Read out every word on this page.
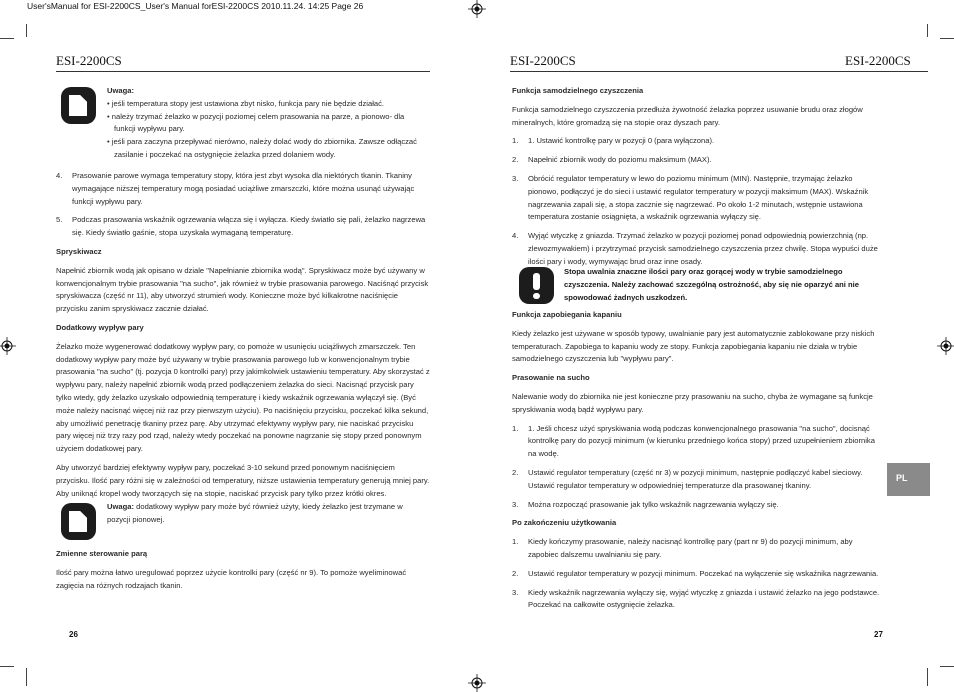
User'sManual for ESI-2200CS_User's Manual forESI-2200CS 2010.11.24. 14:25 Page 26
ESI-2200CS
Uwaga:
• jeśli temperatura stopy jest ustawiona zbyt nisko, funkcja pary nie będzie działać.
• należy trzymać żelazko w pozycji poziomej celem prasowania na parze, a pionowo- dla funkcji wypływu pary.
• jeśli para zaczyna przepływać nierówno, należy dolać wody do zbiornika. Zawsze odłączać zasilanie i poczekać na ostygnięcie żelazka przed dolaniem wody.
4.	Prasowanie parowe wymaga temperatury stopy, która jest zbyt wysoka dla niektórych tkanin. Tkaniny wymagające niższej temperatury mogą posiadać uciążliwe zmarszczki, które można usunąć używając funkcji wypływu pary.
5.	Podczas prasowania wskaźnik ogrzewania włącza się i wyłącza. Kiedy światło się pali, żelazko nagrzewa się. Kiedy światło gaśnie, stopa uzyskała wymaganą temperaturę.
Spryskiwacz

Napełnić zbiornik wodą jak opisano w dziale "Napełnianie zbiornika wodą". Spryskiwacz może być używany w konwencjonalnym trybie prasowania "na sucho", jak również w trybie prasowania parowego. Naciśnąć przycisk spryskiwacza (część nr 11), aby utworzyć strumień wody. Konieczne może być kilkakrotne naciśnięcie przycisku zanim spryskiwacz zacznie działać.

Dodatkowy wypływ pary

Żelazko może wygenerować dodatkowy wypływ pary, co pomoże w usunięciu uciążliwych zmarszczek. Ten dodatkowy wypływ pary może być używany w trybie prasowania parowego lub w konwencjonalnym trybie prasowania "na sucho" (tj. pozycja 0 kontrolki pary) przy jakimkolwiek ustawieniu temperatury. Aby skorzystać z wypływu pary, należy napełnić zbiornik wodą przed podłączeniem żelazka do sieci. Nacisnąć przycisk pary tylko wtedy, gdy żelazko uzyskało odpowiednią temperaturę i kiedy wskaźnik ogrzewania wyłączył się. (Być może należy nacisnąć więcej niż raz przy pierwszym użyciu). Po naciśnięciu przycisku, poczekać kilka sekund, aby umożliwić penetrację tkaniny przez parę. Aby utrzymać efektywny wypływ pary, nie naciskać przycisku pary więcej niż trzy razy pod rząd, należy wtedy poczekać na ponowne nagrzanie się stopy przed ponownym użyciem dodatkowej pary.

Aby utworzyć bardziej efektywny wypływ pary, poczekać 3-10 sekund przed ponownym naciśnięciem przycisku. Ilość pary różni się w zależności od temperatury, niższe ustawienia temperatury generują mniej pary. Aby uniknąć kropel wody tworzących się na stopie, naciskać przycisk pary tylko przez krótki okres.

Uwaga: dodatkowy wypływ pary może być również użyty, kiedy żelazko jest trzymane w pozycji pionowej.
Zmienne sterowanie parą

Ilość pary można łatwo uregulować poprzez użycie kontrolki pary (część nr 9). To pomoże wyeliminować zagięcia na różnych rodzajach tkanin.

26
ESI-2200CS	ESI-2200CS
Funkcja samodzielnego czyszczenia

Funkcja samodzielnego czyszczenia przedłuża żywotność żelazka poprzez usuwanie brudu oraz złogów mineralnych, które gromadzą się na stopie oraz dyszach pary.

1.	1. Ustawić kontrolkę pary w pozycji 0 (para wyłączona).
2.	Napełnić zbiornik wody do poziomu maksimum (MAX).
3.	Obrócić regulator temperatury w lewo do poziomu minimum (MIN). Następnie, trzymając żelazko pionowo, podłączyć je do sieci i ustawić regulator temperatury w pozycji maksimum (MAX). Wskaźnik nagrzewania zapali się, a stopa zacznie się nagrzewać. Po około 1-2 minutach, wstępnie ustawiona temperatura zostanie osiągnięta, a wskaźnik ogrzewania wyłączy się.
4.	Wyjąć wtyczkę z gniazda. Trzymać żelazko w pozycji poziomej ponad odpowiednią powierzchnią (np. zlewozmywakiem) i przytrzymać przycisk samodzielnego czyszczenia przez chwilę. Stopa wypuści duże ilości pary i wody, wymywając brud oraz inne osady.
Stopa uwalnia znaczne ilości pary oraz gorącej wody w trybie samodzielnego czyszczenia. Należy zachować szczególną ostrożność, aby się nie oparzyć ani nie spowodować żadnych uszkodzeń.
Funkcja zapobiegania kapaniu

Kiedy żelazko jest używane w sposób typowy, uwalnianie pary jest automatycznie zablokowane przy niskich temperaturach. Zapobiega to kapaniu wody ze stopy. Funkcja zapobiegania kapaniu nie działa w trybie samodzielnego czyszczenia lub "wypływu pary".

Prasowanie na sucho

Nalewanie wody do zbiornika nie jest konieczne przy prasowaniu na sucho, chyba że wymagane są funkcje spryskiwania wodą bądź wypływu pary.

1.	1. Jeśli chcesz użyć spryskiwania wodą podczas konwencjonalnego prasowania "na sucho", docisnąć kontrolkę pary do pozycji minimum (w kierunku przedniego końca stopy) przed uzupełnieniem zbiornika na wodę.
2.	Ustawić regulator temperatury (część nr 3) w pozycji minimum, następnie podłączyć kabel sieciowy. Ustawić regulator temperatury w odpowiedniej temperaturze dla prasowanej tkaniny.
3.	Można rozpocząć prasowanie jak tylko wskaźnik nagrzewania wyłączy się.
Po zakończeniu użytkowania
1.	Kiedy kończymy prasowanie, należy nacisnąć kontrolkę pary (part nr 9) do pozycji minimum, aby zapobiec dalszemu uwalnianiu się pary.
2.	Ustawić regulator temperatury w pozycji minimum. Poczekać na wyłączenie się wskaźnika nagrzewania.
3.	Kiedy wskaźnik nagrzewania wyłączy się, wyjąć wtyczkę z gniazda i ustawić żelazko na jego podstawce. Poczekać na całkowite ostygnięcie żelazka.
PL
27
